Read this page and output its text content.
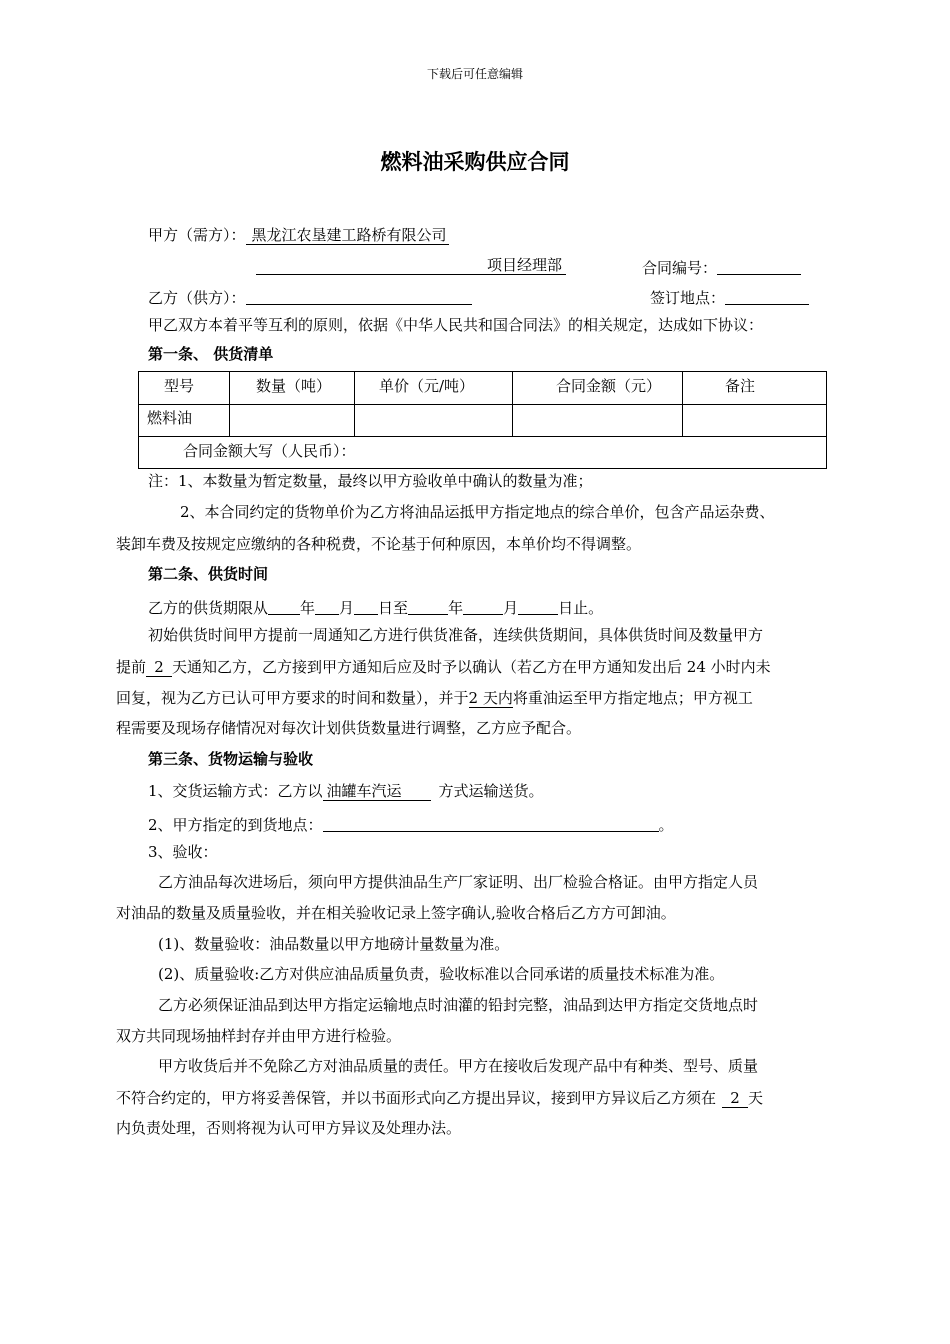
下载后可任意编辑
燃料油采购供应合同
甲方（需方）： 黑龙江农垦建工路桥有限公司
项目经理部	合同编号：
乙方（供方）：	签订地点：
甲乙双方本着平等互利的原则，依据《中华人民共和国合同法》的相关规定，达成如下协议：
第一条、 供货清单
型号	数量（吨）	单价（元/吨）	合同金额（元）	备注
燃料油
合同金额大写（人民币）：
注：1、本数量为暂定数量，最终以甲方验收单中确认的数量为准；
2、本合同约定的货物单价为乙方将油品运抵甲方指定地点的综合单价，包含产品运杂费、
装卸车费及按规定应缴纳的各种税费，不论基于何种原因，本单价均不得调整。
第二条、供货时间
乙方的供货期限从 年 月 日至	年	月	日止。
初始供货时间甲方提前一周通知乙方进行供货准备，连续供货期间，具体供货时间及数量甲方
提前 2 天通知乙方，乙方接到甲方通知后应及时予以确认（若乙方在甲方通知发出后 24 小时内未
回复，视为乙方已认可甲方要求的时间和数量），并于2 天内将重油运至甲方指定地点；甲方视工
程需要及现场存储情况对每次计划供货数量进行调整，乙方应予配合。
第三条、货物运输与验收
1、交货运输方式：乙方以 油罐车汽运 方式运输送货。
2、甲方指定的到货地点：	。
3、验收：
乙方油品每次进场后，须向甲方提供油品生产厂家证明、出厂检验合格证。由甲方指定人员
对油品的数量及质量验收，并在相关验收记录上签字确认,验收合格后乙方方可卸油。
(1)、数量验收：油品数量以甲方地磅计量数量为准。
(2)、质量验收:乙方对供应油品质量负责，验收标准以合同承诺的质量技术标准为准。
乙方必须保证油品到达甲方指定运输地点时油灌的铅封完整，油品到达甲方指定交货地点时
双方共同现场抽样封存并由甲方进行检验。
甲方收货后并不免除乙方对油品质量的责任。甲方在接收后发现产品中有种类、型号、质量
不符合约定的，甲方将妥善保管，并以书面形式向乙方提出异议，接到甲方异议后乙方须在 2 天
内负责处理，否则将视为认可甲方异议及处理办法。
